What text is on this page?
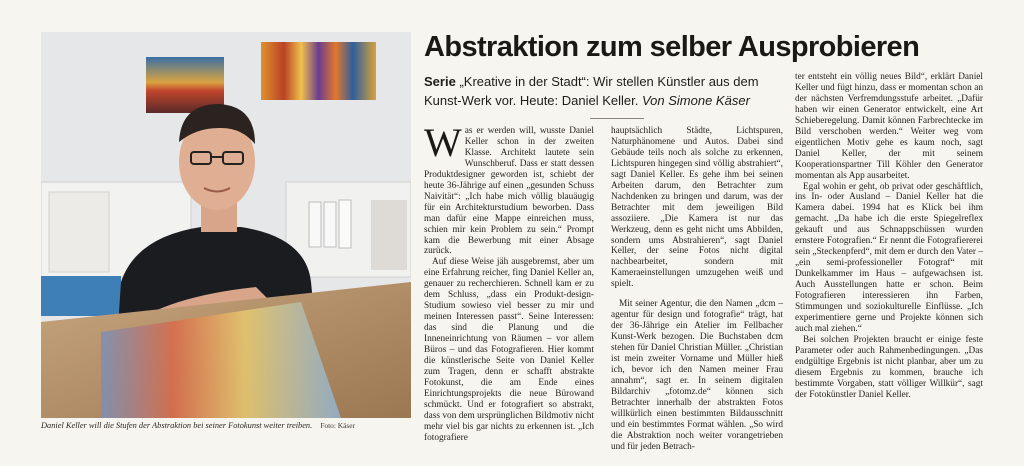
Daniel Keller will die Stufen der Abstraktion bei seiner Fotokunst weiter treiben. Foto: Käser
Abstraktion zum selber Ausprobieren
Serie „Kreative in der Stadt“: Wir stellen Künstler aus dem Kunst-Werk vor. Heute: Daniel Keller. Von Simone Käser

Was er werden will, wusste Daniel Keller schon in der zweiten Klasse. Architekt lautete sein Wunschberuf. Dass er statt dessen Produktdesigner geworden ist, schiebt der heute 36-Jährige auf einen „gesunden Schuss Naivität“: „Ich habe mich völlig blauäugig für ein Architekturstudium beworben. Dass man dafür eine Mappe einreichen muss, schien mir kein Problem zu sein.“ Prompt kam die Bewerbung mit einer Absage zurück.

Auf diese Weise jäh ausgebremst, aber um eine Erfahrung reicher, fing Daniel Keller an, genauer zu recherchieren. Schnell kam er zu dem Schluss, „dass ein Produkt-design-Studium sowieso viel besser zu mir und meinen Interessen passt“. Seine Interessen: das sind die Planung und die Inneneinrichtung von Räumen – vor allem Büros – und das Fotografieren. Hier kommt die künstlerische Seite von Daniel Keller zum Tragen, denn er schafft abstrakte Fotokunst, die am Ende eines Einrichtungsprojekts die neue Bürowand schmückt. Und er fotografiert so abstrakt, dass von dem ursprünglichen Bildmotiv nicht mehr viel bis gar nichts zu erkennen ist. „Ich fotografiere

hauptsächlich Städte, Lichtspuren, Naturphänomene und Autos. Dabei sind Gebäude teils noch als solche zu erkennen, Lichtspuren hingegen sind völlig abstrahiert“, sagt Daniel Keller. Es gehe ihm bei seinen Arbeiten darum, den Betrachter zum Nachdenken zu bringen und darum, was der Betrachter mit dem jeweiligen Bild assoziiere. „Die Kamera ist nur das Werkzeug, denn es geht nicht ums Abbilden, sondern ums Abstrahieren“, sagt Daniel Keller, der seine Fotos nicht digital nachbearbeitet, sondern mit Kameraeinstellungen umzugehen weiß und spielt.

Mit seiner Agentur, die den Namen „dcm – agentur für design und fotografie“ trägt, hat der 36-Jährige ein Atelier im Fellbacher Kunst-Werk bezogen. Die Buchstaben dcm stehen für Daniel Christian Müller. „Christian ist mein zweiter Vorname und Müller hieß ich, bevor ich den Namen meiner Frau annahm“, sagt er. In seinem digitalen Bildarchiv „fotomz.de“ können sich Betrachter innerhalb der abstrakten Fotos willkürlich einen bestimmten Bildausschnitt und ein bestimmtes Format wählen. „So wird die Abstraktion noch weiter vorangetrieben und für jeden Betrach-

ter entsteht ein völlig neues Bild“, erklärt Daniel Keller und fügt hinzu, dass er momentan schon an der nächsten Verfremdungsstufe arbeitet. „Dafür haben wir einen Generator entwickelt, eine Art Schieberegelung. Damit können Farbrechtecke im Bild verschoben werden.“ Weiter weg vom eigentlichen Motiv gehe es kaum noch, sagt Daniel Keller, der mit seinem Kooperationspartner Till Köhler den Generator momentan als App ausarbeitet.

Egal wohin er geht, ob privat oder geschäftlich, ins In- oder Ausland – Daniel Keller hat die Kamera dabei. 1994 hat es Klick bei ihm gemacht. „Da habe ich die erste Spiegelreflex gekauft und aus Schnappschüssen wurden ernstere Fotografien.“ Er nennt die Fotografiererei sein „Steckenpferd“, mit dem er durch den Vater – „ein semi-professioneller Fotograf“ mit Dunkelkammer im Haus – aufgewachsen ist. Auch Ausstellungen hatte er schon. Beim Fotografieren interessieren ihn Farben, Stimmungen und soziokulturelle Einflüsse. „Ich experimentiere gerne und Projekte können sich auch mal ziehen.“

Bei solchen Projekten braucht er einige feste Parameter oder auch Rahmenbedingungen. „Das endgültige Ergebnis ist nicht planbar, aber um zu diesem Ergebnis zu kommen, brauche ich bestimmte Vorgaben, statt völliger Willkür“, sagt der Fotokünstler Daniel Keller.
